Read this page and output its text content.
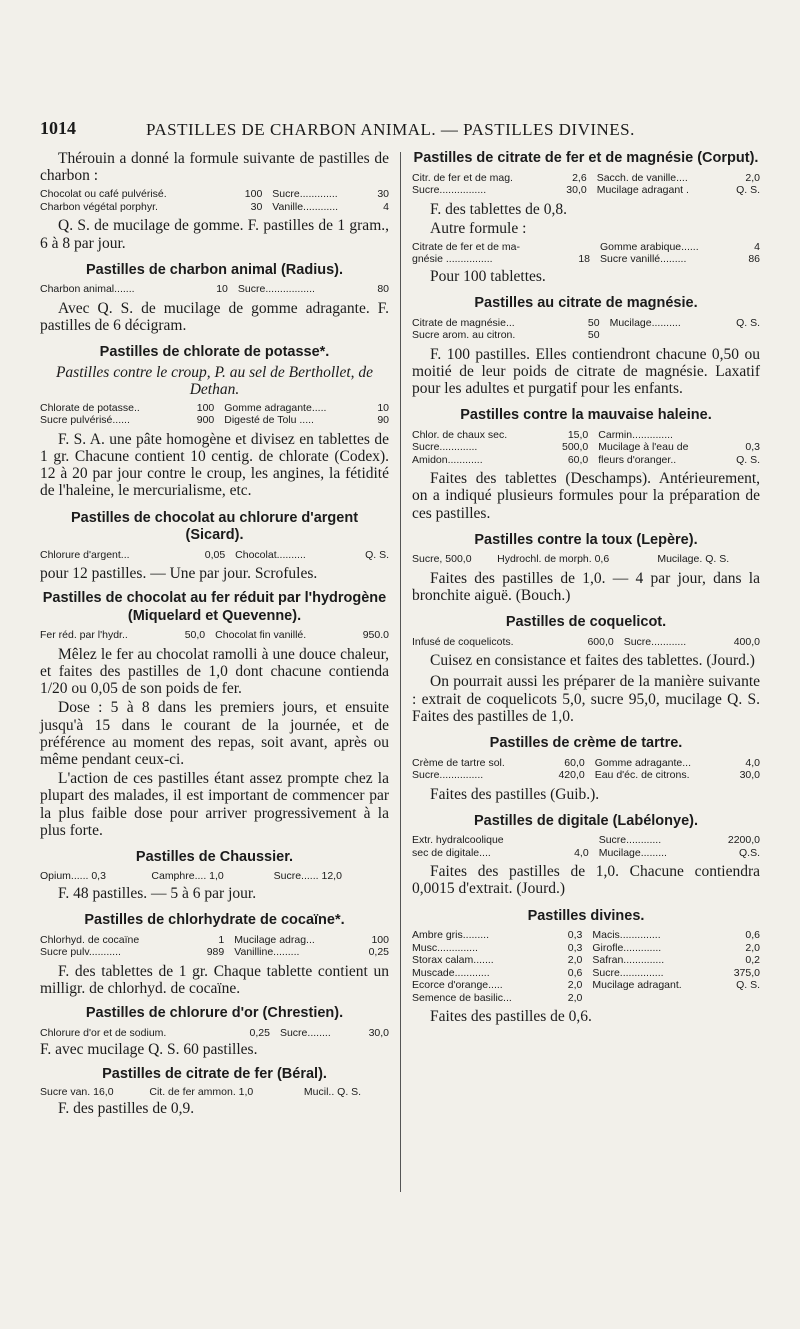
1014	PASTILLES DE CHARBON ANIMAL. — PASTILLES DIVINES.

Thérouin a donné la formule suivante de pastilles de charbon :

Chocolat ou café pulvérisé.	100	Sucre.............	30
Charbon végétal porphyr.	30	Vanille............	4

Q. S. de mucilage de gomme. F. pastilles de 1 gram., 6 à 8 par jour.

Pastilles de charbon animal (Radius).
Charbon animal.......	10	Sucre.................	80

Avec Q. S. de mucilage de gomme adragante. F. pastilles de 6 décigram.

Pastilles de chlorate de potasse*.

Pastilles contre le croup, P. au sel de Berthollet, de Dethan.

Chlorate de potasse..	100	Gomme adragante.....	10
Sucre pulvérisé......	900	Digesté de Tolu .....	90

F. S. A. une pâte homogène et divisez en tablettes de 1 gr. Chacune contient 10 centig. de chlorate (Codex). 12 à 20 par jour contre le croup, les angines, la fétidité de l'haleine, le mercurialisme, etc.

Pastilles de chocolat au chlorure d'argent (Sicard).
Chlorure d'argent...	0,05	Chocolat..........	Q. S.

pour 12 pastilles. — Une par jour. Scrofules.

Pastilles de chocolat au fer réduit par l'hydrogène (Miquelard et Quevenne).
Fer réd. par l'hydr..	50,0	Chocolat fin vanillé.	950.0

Mêlez le fer au chocolat ramolli à une douce chaleur, et faites des pastilles de 1,0 dont chacune contienda 1/20 ou 0,05 de son poids de fer.

Dose : 5 à 8 dans les premiers jours, et ensuite jusqu'à 15 dans le courant de la journée, et de préférence au moment des repas, soit avant, après ou même pendant ceux-ci.

L'action de ces pastilles étant assez prompte chez la plupart des malades, il est important de commencer par la plus faible dose pour arriver progressivement à la plus forte.

Pastilles de Chaussier.
Opium...... 0,3	Camphre.... 1,0	Sucre...... 12,0

F. 48 pastilles. — 5 à 6 par jour.

Pastilles de chlorhydrate de cocaïne*.
Chlorhyd. de cocaïne	1	Mucilage adrag...	100
Sucre pulv...........	989	Vanilline.........	0,25

F. des tablettes de 1 gr. Chaque tablette contient un milligr. de chlorhyd. de cocaïne.

Pastilles de chlorure d'or (Chrestien).
Chlorure d'or et de sodium.	0,25	Sucre........	30,0

F. avec mucilage Q. S. 60 pastilles.

Pastilles de citrate de fer (Béral).
Sucre van. 16,0	Cit. de fer ammon. 1,0	Mucil.. Q. S.

F. des pastilles de 0,9.

Pastilles de citrate de fer et de magnésie (Corput).
Citr. de fer et de mag.	2,6	Sacch. de vanille....	2,0
Sucre................	30,0	Mucilage adragant .	Q. S.

F. des tablettes de 0,8.

Autre formule :

Citrate de fer et de ma-		Gomme arabique......	4
gnésie ................	18	Sucre vanillé.........	86

Pour 100 tablettes.

Pastilles au citrate de magnésie.
Citrate de magnésie...	50	Mucilage..........	Q. S.
Sucre arom. au citron.	50		

F. 100 pastilles. Elles contiendront chacune 0,50 ou moitié de leur poids de citrate de magnésie. Laxatif pour les adultes et purgatif pour les enfants.

Pastilles contre la mauvaise haleine.
Chlor. de chaux sec.	15,0	Carmin..............	
Sucre.............	500,0	Mucilage à l'eau de	0,3
Amidon............	60,0	fleurs d'oranger..	Q. S.

Faites des tablettes (Deschamps). Antérieurement, on a indiqué plusieurs formules pour la préparation de ces pastilles.

Pastilles contre la toux (Lepère).
Sucre, 500,0	Hydrochl. de morph. 0,6	Mucilage. Q. S.

Faites des pastilles de 1,0. — 4 par jour, dans la bronchite aiguë. (Bouch.)

Pastilles de coquelicot.
Infusé de coquelicots.	600,0	Sucre............	400,0

Cuisez en consistance et faites des tablettes. (Jourd.)

On pourrait aussi les préparer de la manière suivante : extrait de coquelicots 5,0, sucre 95,0, mucilage Q. S. Faites des pastilles de 1,0.

Pastilles de crème de tartre.
Crème de tartre sol.	60,0	Gomme adragante...	4,0
Sucre...............	420,0	Eau d'éc. de citrons.	30,0

Faites des pastilles (Guib.).

Pastilles de digitale (Labélonye).
Extr. hydralcoolique		Sucre............	2200,0
sec de digitale....	4,0	Mucilage.........	Q.S.

Faites des pastilles de 1,0. Chacune contiendra 0,0015 d'extrait. (Jourd.)

Pastilles divines.
Ambre gris.........	0,3	Macis..............	0,6
Musc..............	0,3	Girofle.............	2,0
Storax calam.......	2,0	Safran..............	0,2
Muscade............	0,6	Sucre...............	375,0
Ecorce d'orange.....	2,0	Mucilage adragant.	Q. S.
Semence de basilic...	2,0		

Faites des pastilles de 0,6.
